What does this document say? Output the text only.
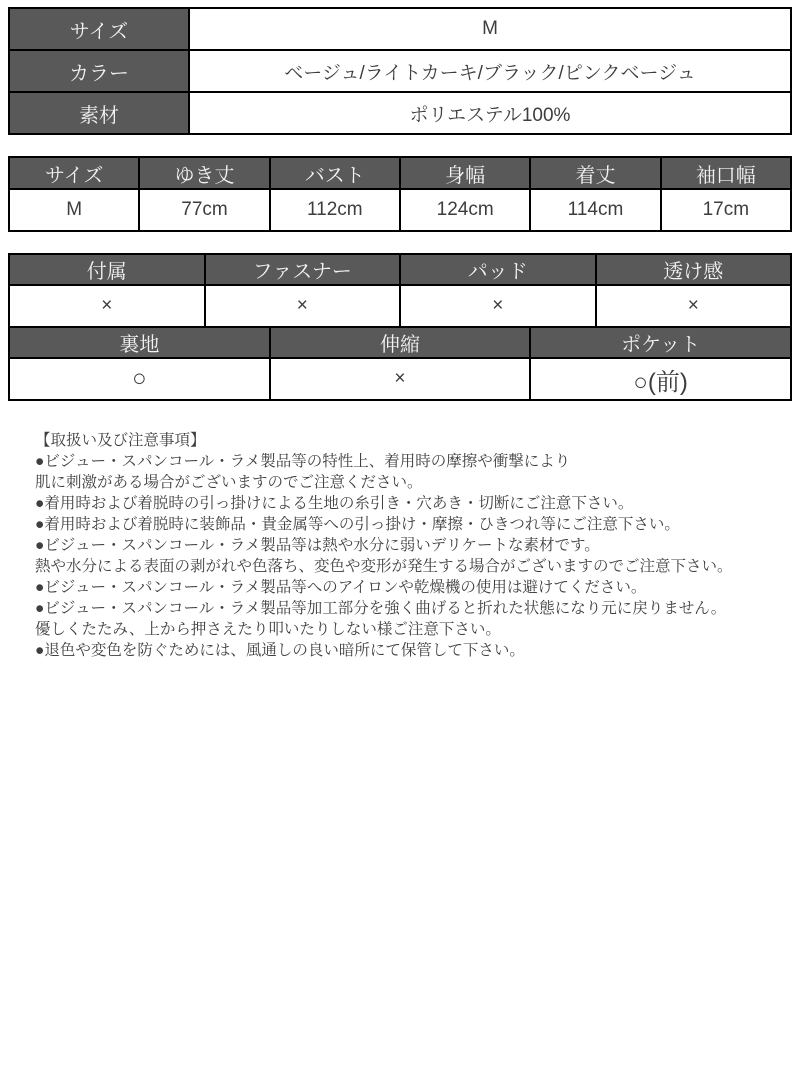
サイズ	M
カラー	ベージュ/ライトカーキ/ブラック/ピンクベージュ
素材	ポリエステル100%
サイズ	ゆき丈	バスト	身幅	着丈	袖口幅
M	77cm	112cm	124cm	114cm	17cm
付属	ファスナー	パッド	透け感
×	×	×	×
裏地	伸縮	ポケット
○	×	○(前)
【取扱い及び注意事項】
●ビジュー・スパンコール・ラメ製品等の特性上、着用時の摩擦や衝撃により
肌に刺激がある場合がございますのでご注意ください。
●着用時および着脱時の引っ掛けによる生地の糸引き・穴あき・切断にご注意下さい。
●着用時および着脱時に装飾品・貴金属等への引っ掛け・摩擦・ひきつれ等にご注意下さい。
●ビジュー・スパンコール・ラメ製品等は熱や水分に弱いデリケートな素材です。
熱や水分による表面の剥がれや色落ち、変色や変形が発生する場合がございますのでご注意下さい。
●ビジュー・スパンコール・ラメ製品等へのアイロンや乾燥機の使用は避けてください。
●ビジュー・スパンコール・ラメ製品等加工部分を強く曲げると折れた状態になり元に戻りません。
優しくたたみ、上から押さえたり叩いたりしない様ご注意下さい。
●退色や変色を防ぐためには、風通しの良い暗所にて保管して下さい。
